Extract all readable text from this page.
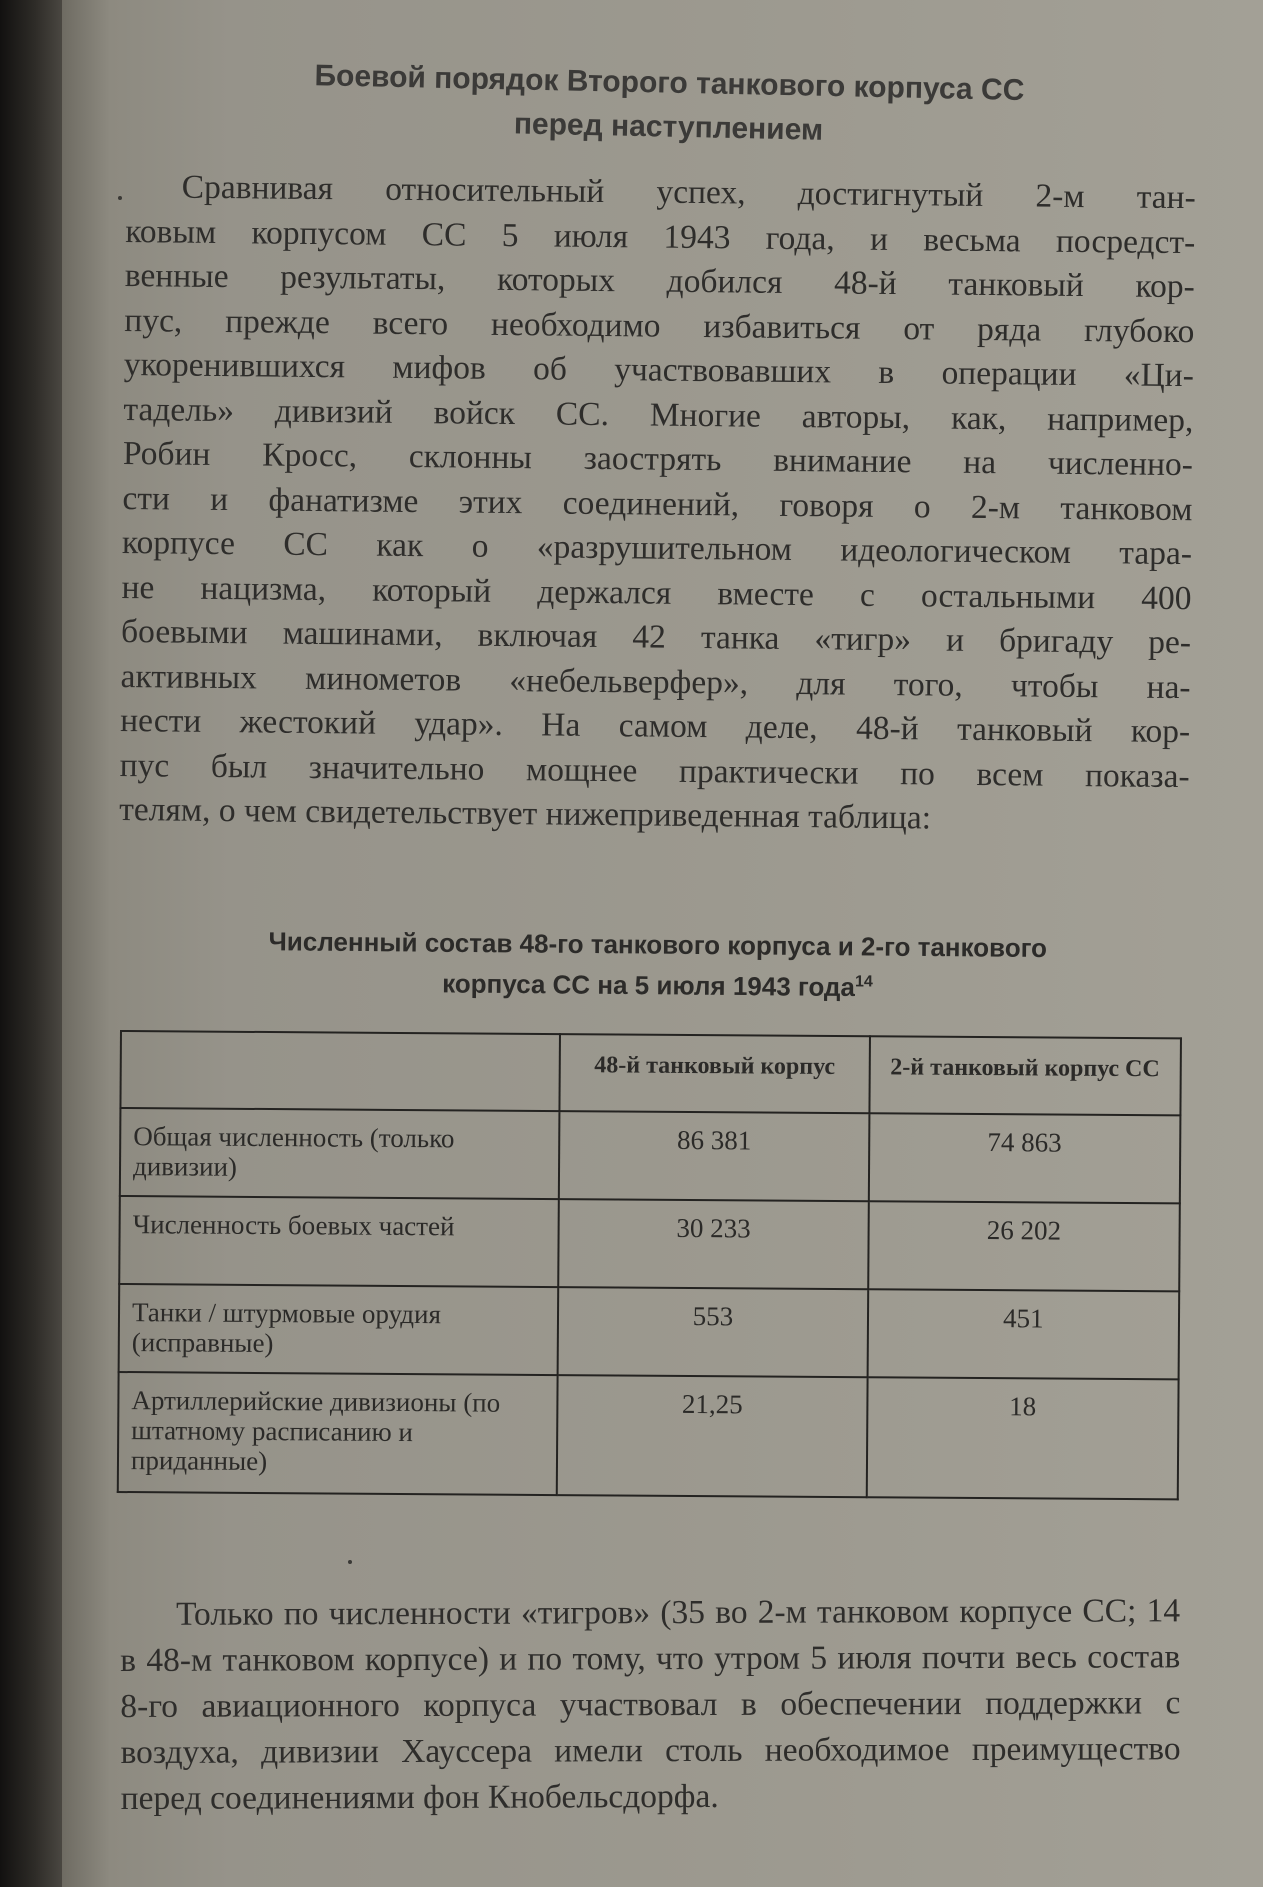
Боевой порядок Второго танкового корпуса СС
перед наступлением
Сравнивая относительный успех, достигнутый 2-м тан-
ковым корпусом СС 5 июля 1943 года, и весьма посредст-
венные результаты, которых добился 48-й танковый кор-
пус, прежде всего необходимо избавиться от ряда глубоко
укоренившихся мифов об участвовавших в операции «Ци-
тадель» дивизий войск СС. Многие авторы, как, например,
Робин Кросс, склонны заострять внимание на численно-
сти и фанатизме этих соединений, говоря о 2-м танковом
корпусе СС как о «разрушительном идеологическом тара-
не нацизма, который держался вместе с остальными 400
боевыми машинами, включая 42 танка «тигр» и бригаду ре-
активных минометов «небельверфер», для того, чтобы на-
нести жестокий удар». На самом деле, 48-й танковый кор-
пус был значительно мощнее практически по всем показа-
телям, о чем свидетельствует нижеприведенная таблица:
Численный состав 48-го танкового корпуса и 2-го танкового
корпуса СС на 5 июля 1943 года$^{14}$
	48-й танковый корпус	2-й танковый корпус СС
Общая численность (только дивизии)	86 381	74 863
Численность боевых частей	30 233	26 202
Танки / штурмовые орудия (исправные)	553	451
Артиллерийские дивизионы (по штатному расписанию и приданные)	21,25	18
Только по численности «тигров» (35 во 2-м танковом корпусе СС; 14 в 48-м танковом корпусе) и по тому, что утром 5 июля почти весь состав 8-го авиационного корпуса участвовал в обеспечении поддержки с воздуха, дивизии Хауссера имели столь необходимое преимущество перед соединениями фон Кнобельсдорфа.
